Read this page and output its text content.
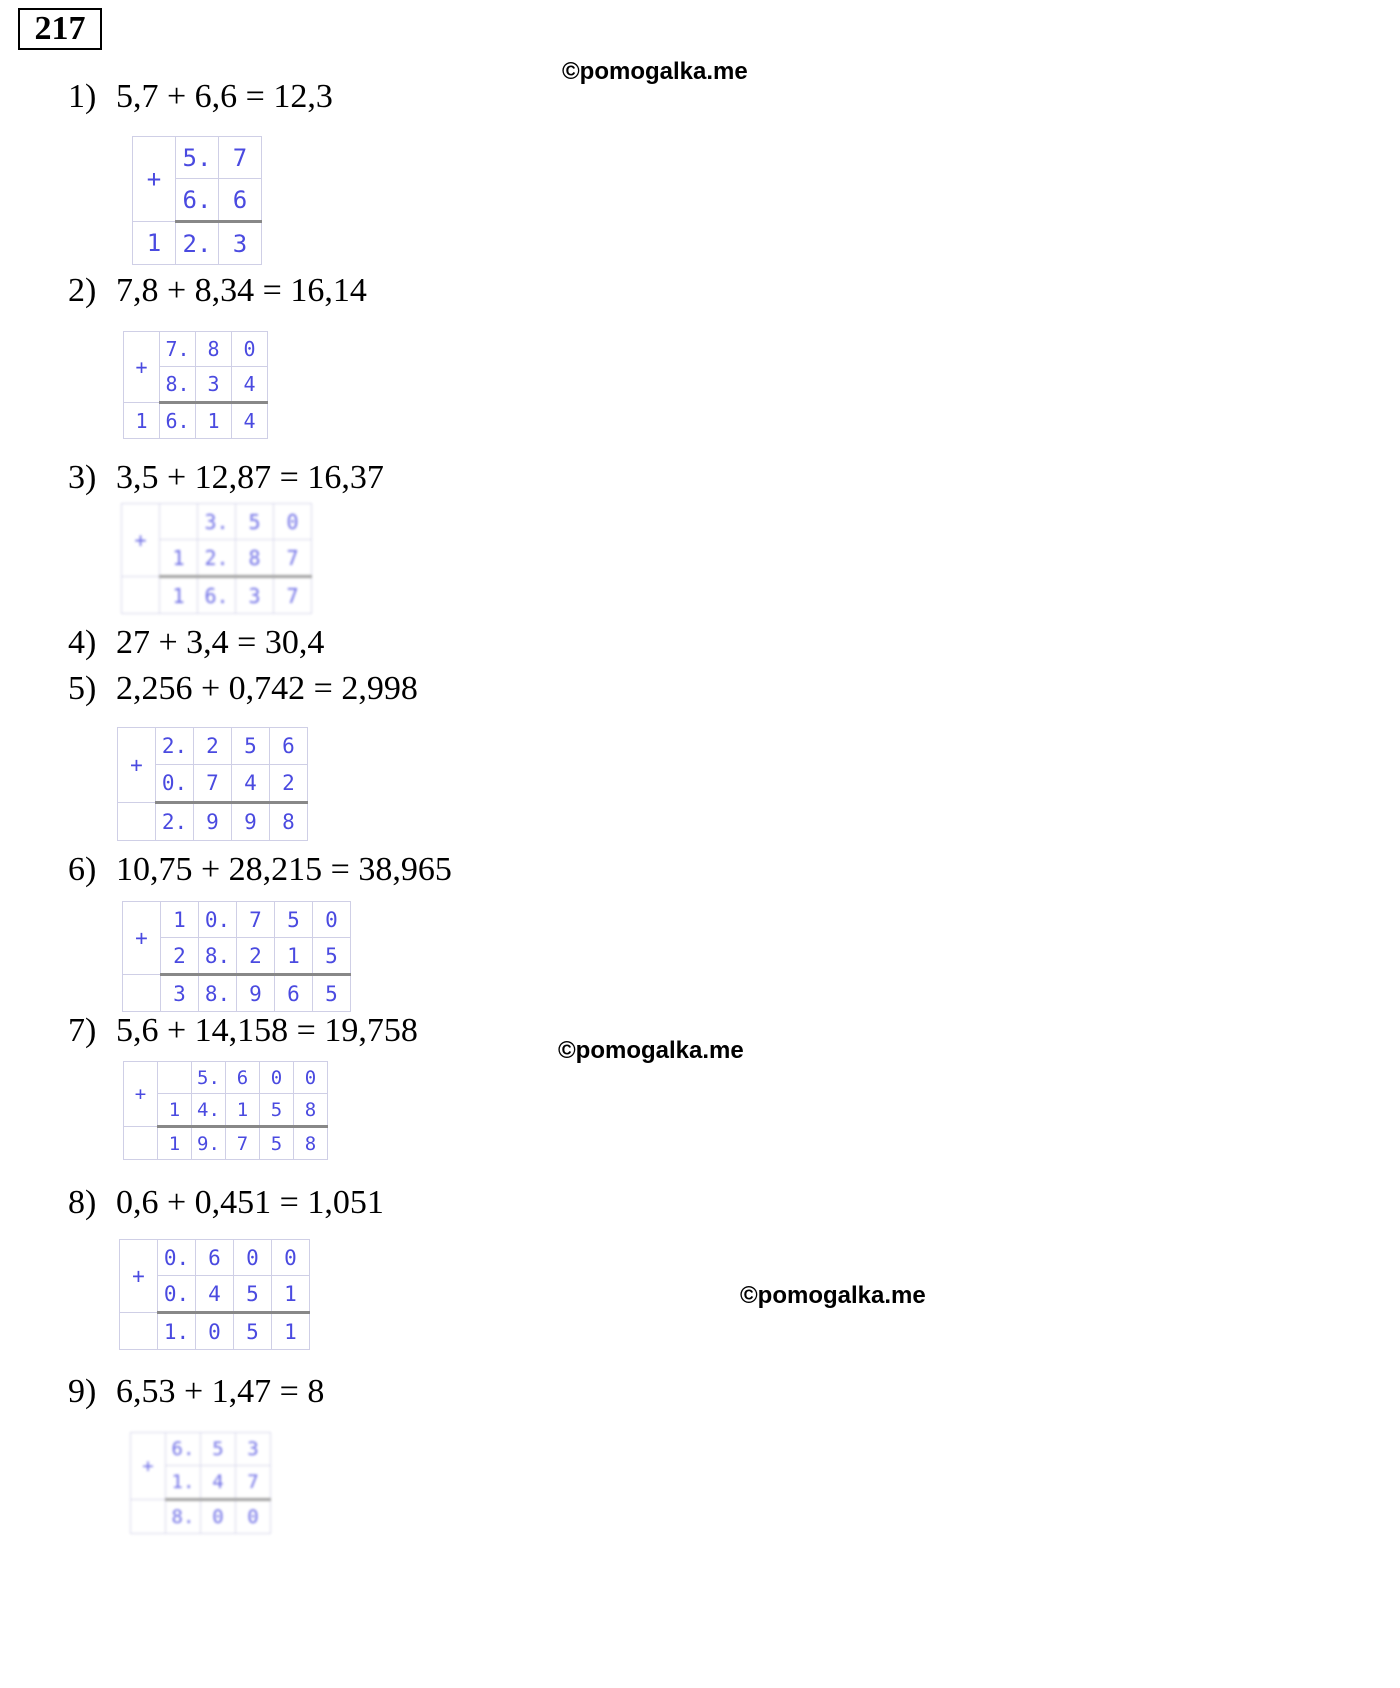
217
©pomogalka.me
©pomogalka.me
©pomogalka.me
1) 5,7 + 6,6 = 12,3
2) 7,8 + 8,34 = 16,14
3) 3,5 + 12,87 = 16,37
4) 27 + 3,4 = 30,4
5) 2,256 + 0,742 = 2,998
6) 10,75 + 28,215 = 38,965
7) 5,6 + 14,158 = 19,758
8) 0,6 + 0,451 = 1,051
9) 6,53 + 1,47 = 8
+	5.	7
	6.	6
1	2.	3
+	7.	8	0
	8.	3	4
1	6.	1	4
+		3.	5	0
	1	2.	8	7
	1	6.	3	7
+	2.	2	5	6
	0.	7	4	2
	2.	9	9	8
+	1	0.	7	5	0
	2	8.	2	1	5
	3	8.	9	6	5
+		5.	6	0	0
	1	4.	1	5	8
	1	9.	7	5	8
+	0.	6	0	0
	0.	4	5	1
	1.	0	5	1
+	6.	5	3
	1.	4	7
	8.	0	0
